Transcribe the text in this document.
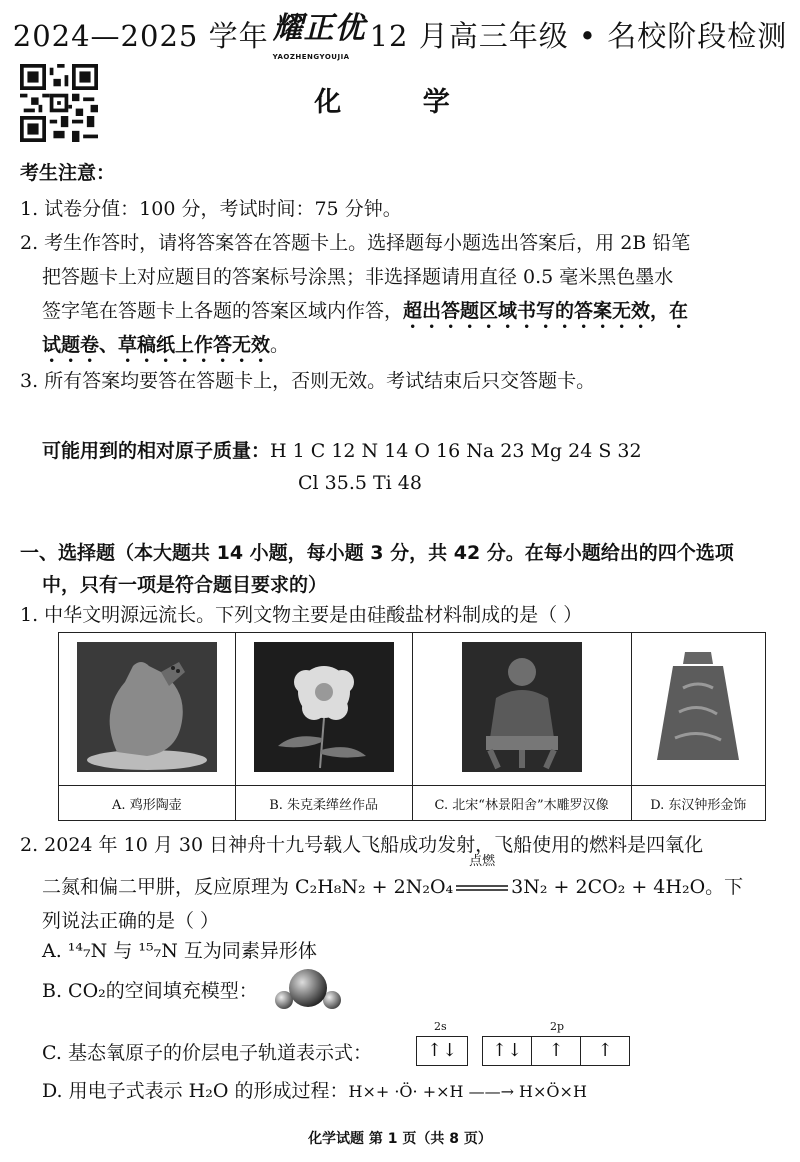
2024—2025 学年 耀正优
YAOZHENGYOUJIA
12 月高三年级 • 名校阶段检测
化 学
考生注意：
1. 试卷分值：100 分，考试时间：75 分钟。
2. 考生作答时，请将答案答在答题卡上。选择题每小题选出答案后，用 2B 铅笔
把答题卡上对应题目的答案标号涂黑；非选择题请用直径 0.5 毫米黑色墨水
签字笔在答题卡上各题的答案区域内作答，超出答题区域书写的答案无效，在
试题卷、草稿纸上作答无效。
3. 所有答案均要答在答题卡上，否则无效。考试结束后只交答题卡。
可能用到的相对原子质量：H 1 C 12 N 14 O 16 Na 23 Mg 24 S 32
Cl 35.5 Ti 48
一、选择题（本大题共 14 小题，每小题 3 分，共 42 分。在每小题给出的四个选项
中，只有一项是符合题目要求的）
1. 中华文明源远流长。下列文物主要是由硅酸盐材料制成的是（ ）

A. 鸡形陶壶	B. 朱克柔缂丝作品	C. 北宋“林景阳舍”木雕罗汉像	D. 东汉钟形金饰
2. 2024 年 10 月 30 日神舟十九号载人飞船成功发射，飞船使用的燃料是四氧化
二氮和偏二甲肼，反应原理为 C₂H₈N₂ + 2N₂O₄
点燃
3N₂ + 2CO₂ + 4H₂O。下
列说法正确的是（ ）
A. ¹⁴₇N 与 ¹⁵₇N 互为同素异形体
B. CO₂的空间填充模型：
C. 基态氧原子的价层电子轨道表示式：
2s	2p
↑↓	↑↓	↑	↑
D. 用电子式表示 H₂O 的形成过程：H×+ ·Ö· +×H ——→ H×Ö×H
化学试题 第 1 页（共 8 页）
